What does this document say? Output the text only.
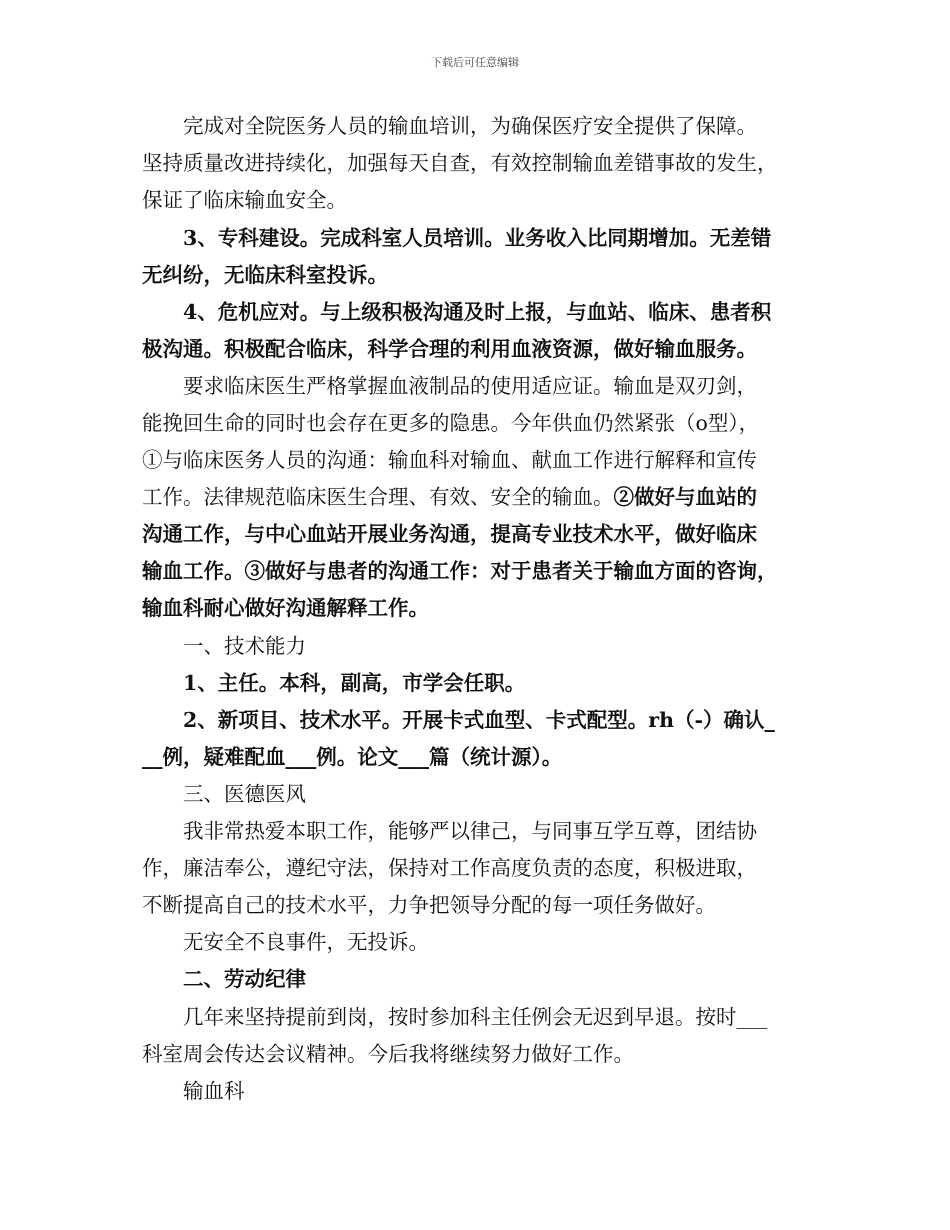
下载后可任意编辑
　　完成对全院医务人员的输血培训，为确保医疗安全提供了保障。
坚持质量改进持续化，加强每天自查，有效控制输血差错事故的发生，
保证了临床输血安全。
　　3、专科建设。完成科室人员培训。业务收入比同期增加。无差错
无纠纷，无临床科室投诉。
　　4、危机应对。与上级积极沟通及时上报，与血站、临床、患者积
极沟通。积极配合临床，科学合理的利用血液资源，做好输血服务。
　　要求临床医生严格掌握血液制品的使用适应证。输血是双刃剑，
能挽回生命的同时也会存在更多的隐患。今年供血仍然紧张（o型），
①与临床医务人员的沟通：输血科对输血、献血工作进行解释和宣传
工作。法律规范临床医生合理、有效、安全的输血。②做好与血站的
沟通工作，与中心血站开展业务沟通，提高专业技术水平，做好临床
输血工作。③做好与患者的沟通工作：对于患者关于输血方面的咨询，
输血科耐心做好沟通解释工作。
　　一、技术能力
　　1、主任。本科，副高，市学会任职。
　　2、新项目、技术水平。开展卡式血型、卡式配型。rh（-）确认_
__例，疑难配血___例。论文___篇（统计源）。
　　三、医德医风
　　我非常热爱本职工作，能够严以律己，与同事互学互尊，团结协
作，廉洁奉公，遵纪守法，保持对工作高度负责的态度，积极进取，
不断提高自己的技术水平，力争把领导分配的每一项任务做好。
　　无安全不良事件，无投诉。
　　二、劳动纪律
　　几年来坚持提前到岗，按时参加科主任例会无迟到早退。按时___
科室周会传达会议精神。今后我将继续努力做好工作。
　　输血科
